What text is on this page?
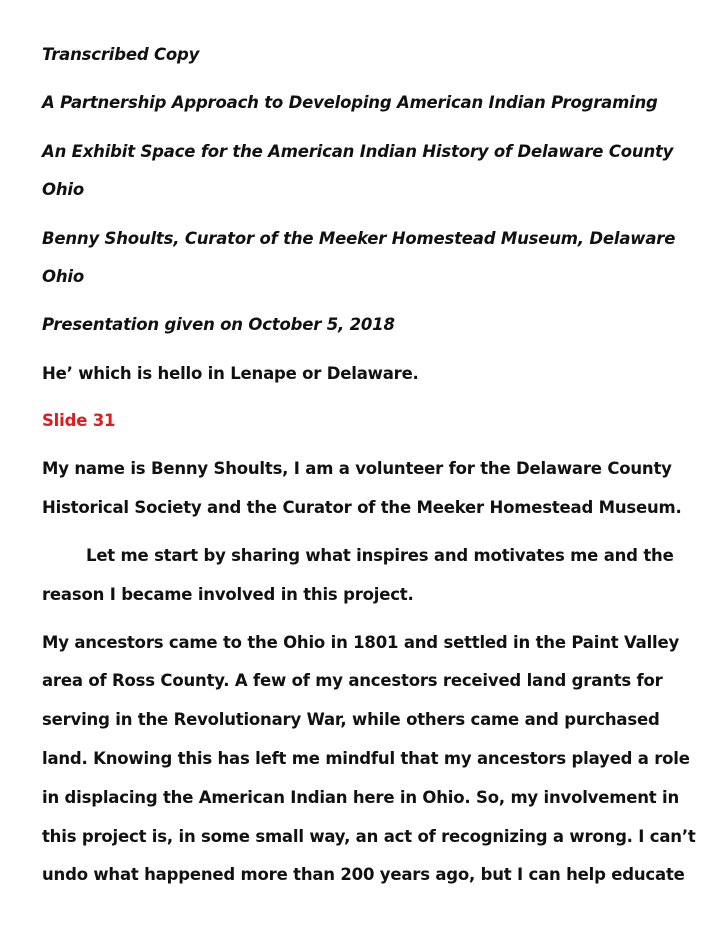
Transcribed Copy
A Partnership Approach to Developing American Indian Programing
An Exhibit Space for the American Indian History of Delaware County
Ohio
Benny Shoults, Curator of the Meeker Homestead Museum, Delaware
Ohio
Presentation given on October 5, 2018
He’ which is hello in Lenape or Delaware.
Slide 31
My name is Benny Shoults, I am a volunteer for the Delaware County
Historical Society and the Curator of the Meeker Homestead Museum.
Let me start by sharing what inspires and motivates me and the
reason I became involved in this project.
My ancestors came to the Ohio in 1801 and settled in the Paint Valley
area of Ross County. A few of my ancestors received land grants for
serving in the Revolutionary War, while others came and purchased
land. Knowing this has left me mindful that my ancestors played a role
in displacing the American Indian here in Ohio. So, my involvement in
this project is, in some small way, an act of recognizing a wrong. I can’t
undo what happened more than 200 years ago, but I can help educate
